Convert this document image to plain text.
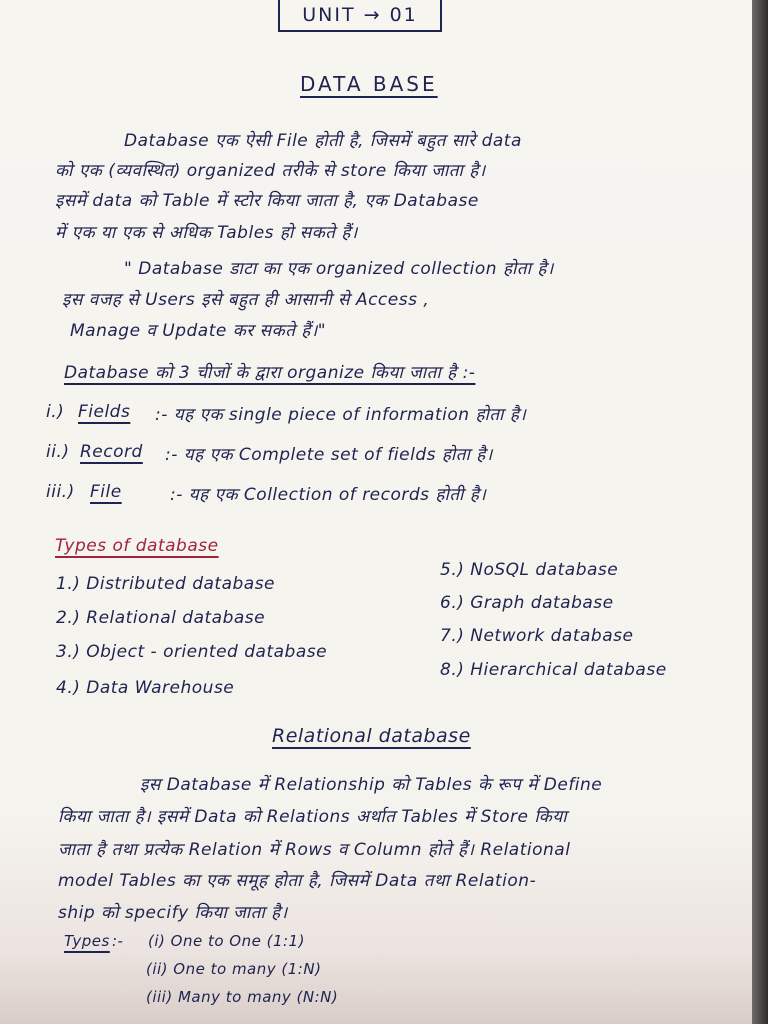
UNIT → 01
DATA BASE
Database एक ऐसी File होती है, जिसमें बहुत सारे data
को एक (व्यवस्थित) organized तरीके से store किया जाता है।
इसमें data को Table में स्टोर किया जाता है, एक Database
में एक या एक से अधिक Tables हो सकते हैं।
" Database डाटा का एक organized collection होता है।
इस वजह से Users इसे बहुत ही आसानी से Access ,
Manage व Update कर सकते हैं।"
Database को 3 चीजों के द्वारा organize किया जाता है :-
i.) Fields :- यह एक single piece of information होता है।
ii.) Record :- यह एक Complete set of fields होता है।
iii.) File	:- यह एक Collection of records होती है।
Types of database
1.) Distributed database
2.) Relational database
3.) Object - oriented database
4.) Data Warehouse
5.) NoSQL database
6.) Graph database
7.) Network database
8.) Hierarchical database
Relational database
इस Database में Relationship को Tables के रूप में Define
किया जाता है। इसमें Data को Relations अर्थात Tables में Store किया
जाता है तथा प्रत्येक Relation में Rows व Column होते हैं। Relational
model Tables का एक समूह होता है, जिसमें Data तथा Relation-
ship को specify किया जाता है।
Types :- (i) One to One (1:1)
(ii) One to many (1:N)
(iii) Many to many (N:N)
